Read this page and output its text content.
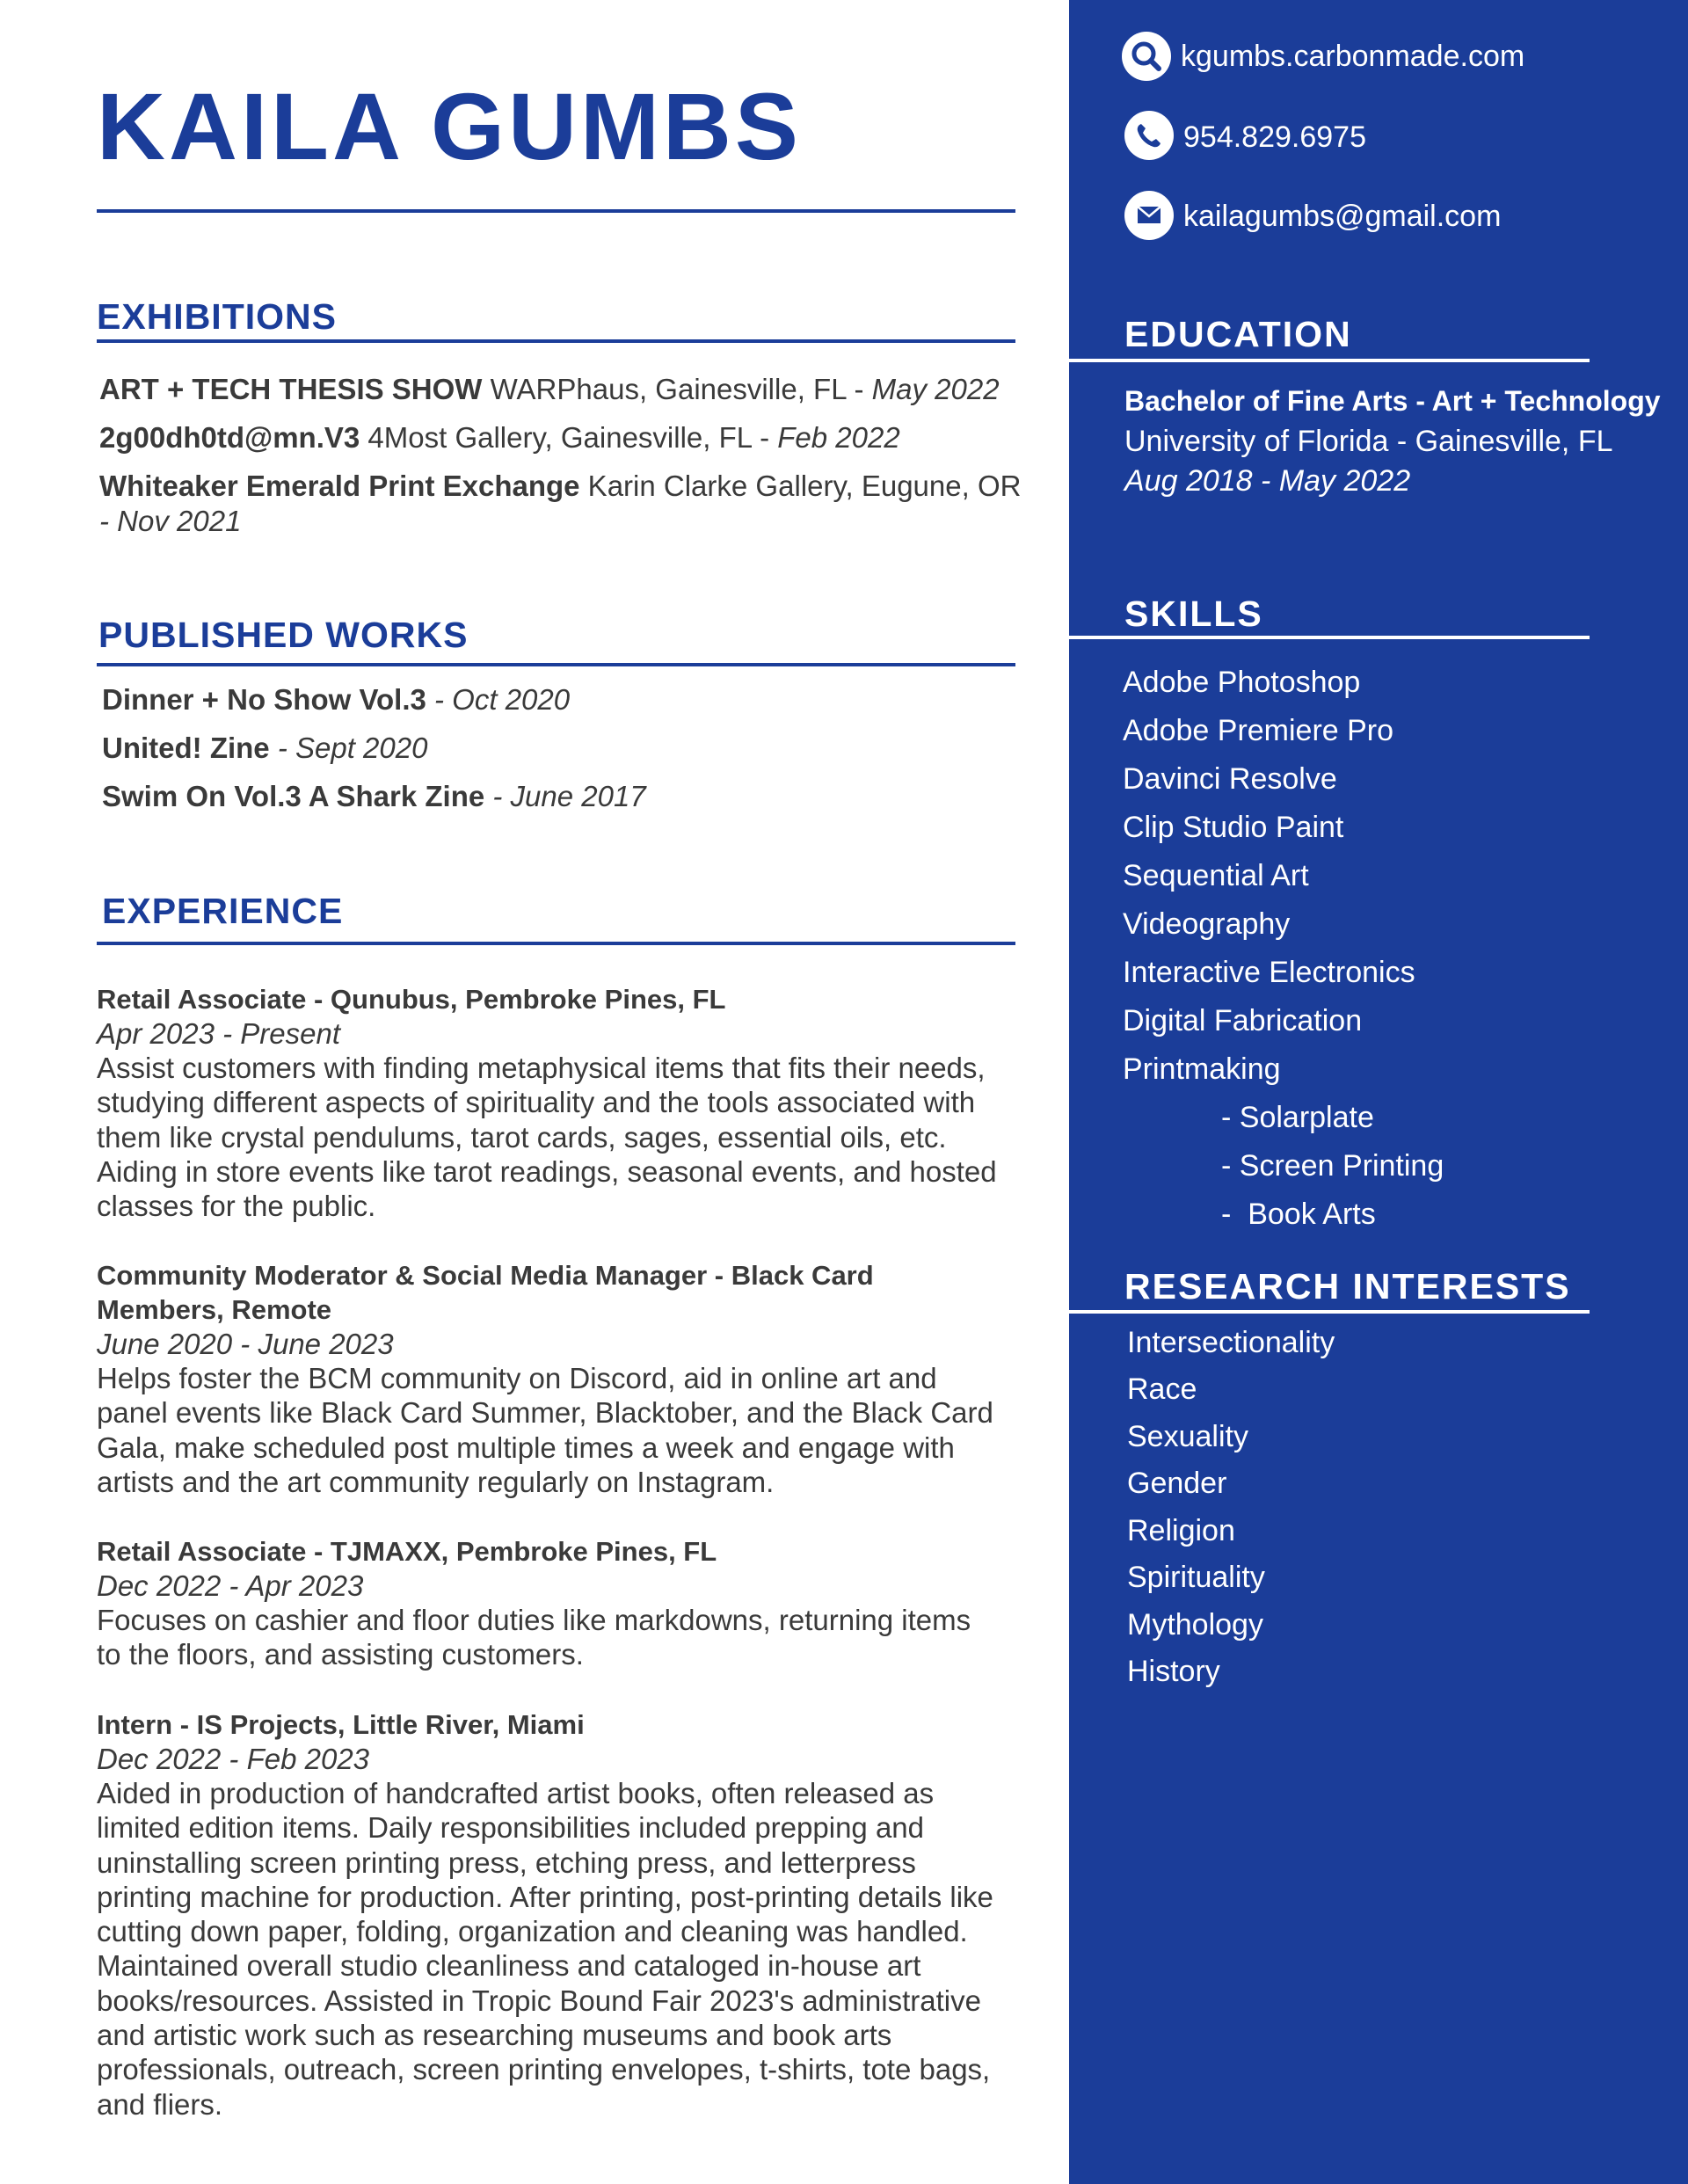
KAILA GUMBS
EXHIBITIONS
ART + TECH THESIS SHOW WARPhaus, Gainesville, FL - May 2022
2g00dh0td@mn.V3 4Most Gallery, Gainesville, FL - Feb 2022
Whiteaker Emerald Print Exchange Karin Clarke Gallery, Eugune, OR
- Nov 2021
PUBLISHED WORKS
Dinner + No Show Vol.3 - Oct 2020
United! Zine - Sept 2020
Swim On Vol.3 A Shark Zine - June 2017
EXPERIENCE
Retail Associate - Qunubus, Pembroke Pines, FL
Apr 2023 - Present

Assist customers with finding metaphysical items that fits their needs, studying different aspects of spirituality and the tools associated with them like crystal pendulums, tarot cards, sages, essential oils, etc. Aiding in store events like tarot readings, seasonal events, and hosted classes for the public.

Community Moderator & Social Media Manager - Black Card Members, Remote
June 2020 - June 2023

Helps foster the BCM community on Discord, aid in online art and panel events like Black Card Summer, Blacktober, and the Black Card Gala, make scheduled post multiple times a week and engage with artists and the art community regularly on Instagram.

Retail Associate - TJMAXX, Pembroke Pines, FL
Dec 2022 - Apr 2023

Focuses on cashier and floor duties like markdowns, returning items to the floors, and assisting customers.

Intern - IS Projects, Little River, Miami
Dec 2022 - Feb 2023

Aided in production of handcrafted artist books, often released as limited edition items. Daily responsibilities included prepping and uninstalling screen printing press, etching press, and letterpress printing machine for production. After printing, post-printing details like cutting down paper, folding, organization and cleaning was handled. Maintained overall studio cleanliness and cataloged in-house art books/resources. Assisted in Tropic Bound Fair 2023's administrative and artistic work such as researching museums and book arts professionals, outreach, screen printing envelopes, t-shirts, tote bags, and fliers.

kgumbs.carbonmade.com
954.829.6975
kailagumbs@gmail.com
EDUCATION
Bachelor of Fine Arts - Art + Technology
University of Florida - Gainesville, FL
Aug 2018 - May 2022
SKILLS
Adobe Photoshop
Adobe Premiere Pro
Davinci Resolve
Clip Studio Paint
Sequential Art
Videography
Interactive Electronics
Digital Fabrication
Printmaking
- Solarplate
- Screen Printing
-  Book Arts
RESEARCH INTERESTS
Intersectionality
Race
Sexuality
Gender
Religion
Spirituality
Mythology
History
